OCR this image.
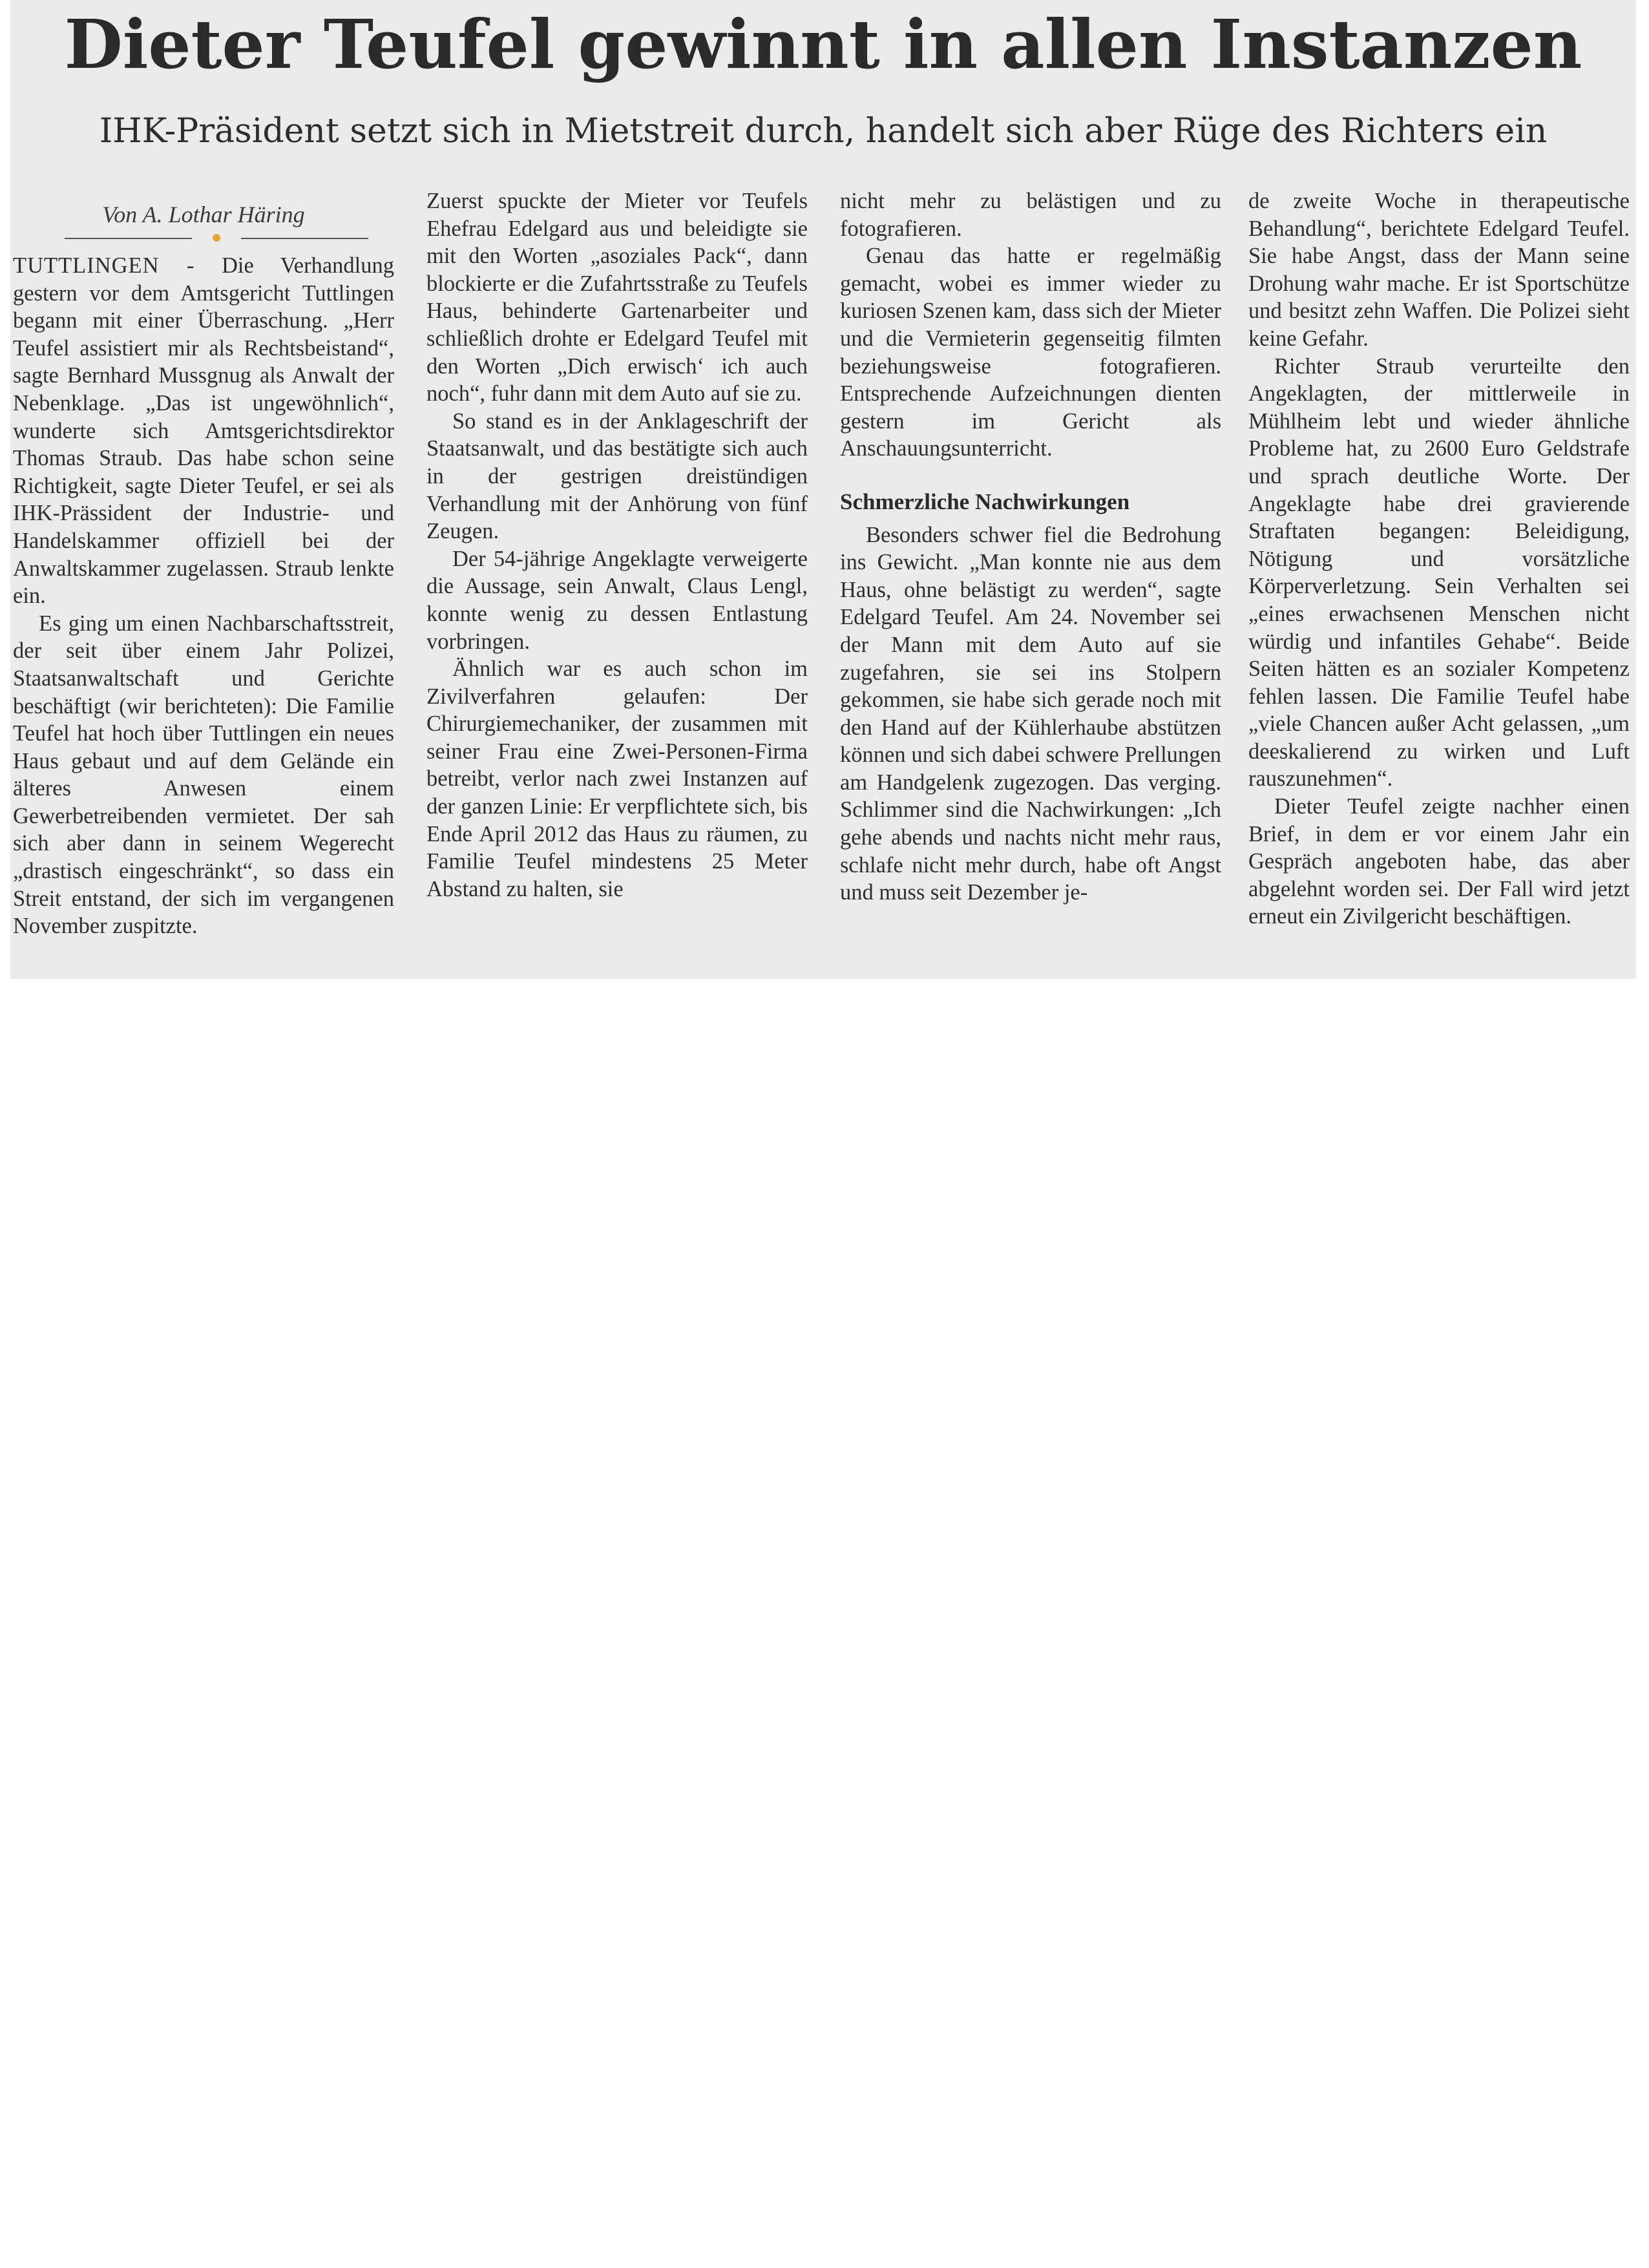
Dieter Teufel gewinnt in allen Instanzen
IHK-Präsident setzt sich in Mietstreit durch, handelt sich aber Rüge des Richters ein
Von A. Lothar Häring

TUTTLINGEN - Die Verhandlung gestern vor dem Amtsgericht Tuttlingen begann mit einer Überraschung. „Herr Teufel assistiert mir als Rechtsbeistand“, sagte Bernhard Mussgnug als Anwalt der Nebenklage. „Das ist ungewöhnlich“, wunderte sich Amtsgerichtsdirektor Thomas Straub. Das habe schon seine Richtigkeit, sagte Dieter Teufel, er sei als IHK-Prässident der Industrie- und Handelskammer offiziell bei der Anwaltskammer zugelassen. Straub lenkte ein.

Es ging um einen Nachbarschaftsstreit, der seit über einem Jahr Polizei, Staatsanwaltschaft und Gerichte beschäftigt (wir berichteten): Die Familie Teufel hat hoch über Tuttlingen ein neues Haus gebaut und auf dem Gelände ein älteres Anwesen einem Gewerbetreibenden vermietet. Der sah sich aber dann in seinem Wegerecht „drastisch eingeschränkt“, so dass ein Streit entstand, der sich im vergangenen November zuspitzte.

Zuerst spuckte der Mieter vor Teufels Ehefrau Edelgard aus und beleidigte sie mit den Worten „asoziales Pack“, dann blockierte er die Zufahrtsstraße zu Teufels Haus, behinderte Gartenarbeiter und schließlich drohte er Edelgard Teufel mit den Worten „Dich erwisch‘ ich auch noch“, fuhr dann mit dem Auto auf sie zu.

So stand es in der Anklageschrift der Staatsanwalt, und das bestätigte sich auch in der gestrigen dreistündigen Verhandlung mit der Anhörung von fünf Zeugen.

Der 54-jährige Angeklagte verweigerte die Aussage, sein Anwalt, Claus Lengl, konnte wenig zu dessen Entlastung vorbringen.

Ähnlich war es auch schon im Zivilverfahren gelaufen: Der Chirurgiemechaniker, der zusammen mit seiner Frau eine Zwei-Personen-Firma betreibt, verlor nach zwei Instanzen auf der ganzen Linie: Er verpflichtete sich, bis Ende April 2012 das Haus zu räumen, zu Familie Teufel mindestens 25 Meter Abstand zu halten, sie

nicht mehr zu belästigen und zu fotografieren.

Genau das hatte er regelmäßig gemacht, wobei es immer wieder zu kuriosen Szenen kam, dass sich der Mieter und die Vermieterin gegenseitig filmten beziehungsweise fotografieren. Entsprechende Aufzeichnungen dienten gestern im Gericht als Anschauungsunterricht.

Schmerzliche Nachwirkungen

Besonders schwer fiel die Bedrohung ins Gewicht. „Man konnte nie aus dem Haus, ohne belästigt zu werden“, sagte Edelgard Teufel. Am 24. November sei der Mann mit dem Auto auf sie zugefahren, sie sei ins Stolpern gekommen, sie habe sich gerade noch mit den Hand auf der Kühlerhaube abstützen können und sich dabei schwere Prellungen am Handgelenk zugezogen. Das verging. Schlimmer sind die Nachwirkungen: „Ich gehe abends und nachts nicht mehr raus, schlafe nicht mehr durch, habe oft Angst und muss seit Dezember je-

de zweite Woche in therapeutische Behandlung“, berichtete Edelgard Teufel. Sie habe Angst, dass der Mann seine Drohung wahr mache. Er ist Sportschütze und besitzt zehn Waffen. Die Polizei sieht keine Gefahr.

Richter Straub verurteilte den Angeklagten, der mittlerweile in Mühlheim lebt und wieder ähnliche Probleme hat, zu 2600 Euro Geldstrafe und sprach deutliche Worte. Der Angeklagte habe drei gravierende Straftaten begangen: Beleidigung, Nötigung und vorsätzliche Körperverletzung. Sein Verhalten sei „eines erwachsenen Menschen nicht würdig und infantiles Gehabe“. Beide Seiten hätten es an sozialer Kompetenz fehlen lassen. Die Familie Teufel habe „viele Chancen außer Acht gelassen, „um deeskalierend zu wirken und Luft rauszunehmen“.

Dieter Teufel zeigte nachher einen Brief, in dem er vor einem Jahr ein Gespräch angeboten habe, das aber abgelehnt worden sei. Der Fall wird jetzt erneut ein Zivilgericht beschäftigen.
